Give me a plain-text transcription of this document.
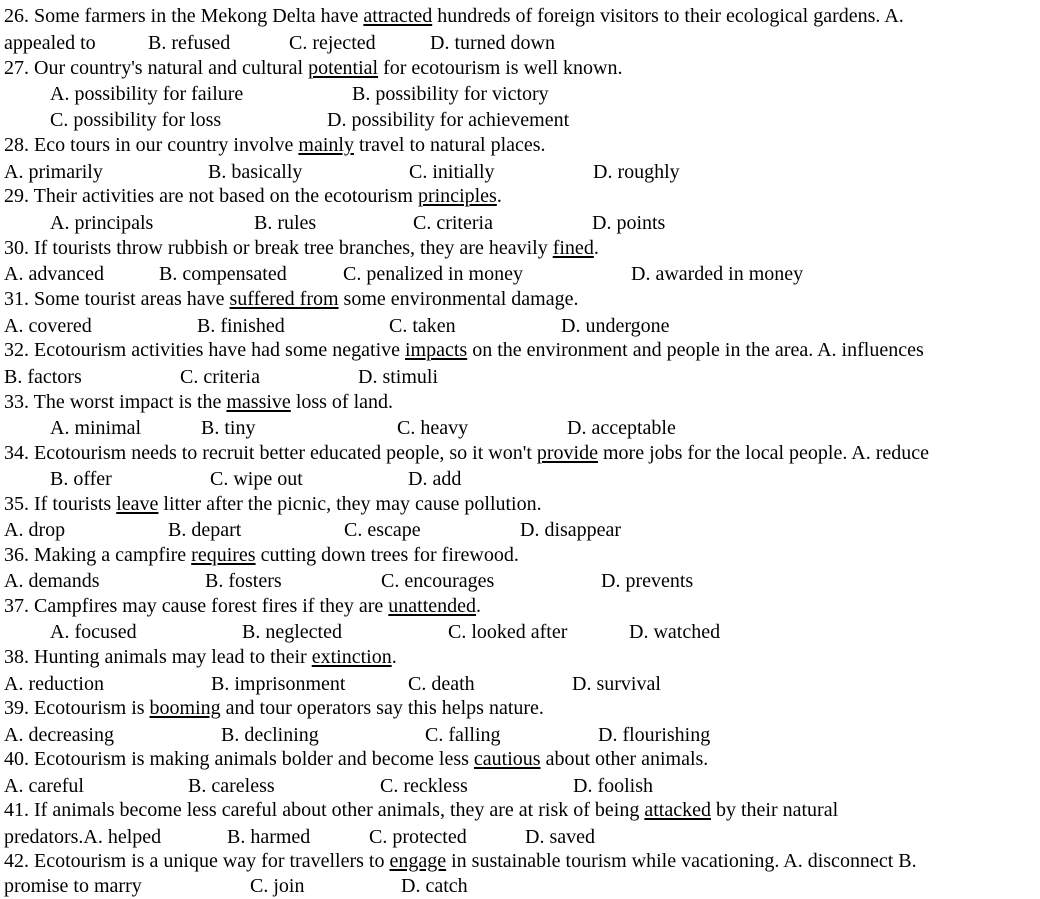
26. Some farmers in the Mekong Delta have attracted hundreds of foreign visitors to their ecological gardens. A.
appealed to	B. refused	C. rejected	D. turned down
27. Our country's natural and cultural potential for ecotourism is well known.
A. possibility for failure	B. possibility for victory
C. possibility for loss	D. possibility for achievement
28. Eco tours in our country involve mainly travel to natural places.
A. primarily	B. basically	C. initially	D. roughly
29. Their activities are not based on the ecotourism principles.
A. principals	B. rules	C. criteria	D. points
30. If tourists throw rubbish or break tree branches, they are heavily fined.
A. advanced	B. compensated	C. penalized in money	D. awarded in money
31. Some tourist areas have suffered from some environmental damage.
A. covered	B. finished	C. taken	D. undergone
32. Ecotourism activities have had some negative impacts on the environment and people in the area. A. influences
B. factors	C. criteria	D. stimuli
33. The worst impact is the massive loss of land.
A. minimal	B. tiny	C. heavy	D. acceptable
34. Ecotourism needs to recruit better educated people, so it won't provide more jobs for the local people. A. reduce
B. offer	C. wipe out	D. add
35. If tourists leave litter after the picnic, they may cause pollution.
A. drop	B. depart	C. escape	D. disappear
36. Making a campfire requires cutting down trees for firewood.
A. demands	B. fosters	C. encourages	D. prevents
37. Campfires may cause forest fires if they are unattended.
A. focused	B. neglected	C. looked after	D. watched
38. Hunting animals may lead to their extinction.
A. reduction	B. imprisonment	C. death	D. survival
39. Ecotourism is booming and tour operators say this helps nature.
A. decreasing	B. declining	C. falling	D. flourishing
40. Ecotourism is making animals bolder and become less cautious about other animals.
A. careful	B. careless	C. reckless	D. foolish
41. If animals become less careful about other animals, they are at risk of being attacked by their natural
predators.A. helped	B. harmed	C. protected	D. saved
42. Ecotourism is a unique way for travellers to engage in sustainable tourism while vacationing. A. disconnect B.
promise to marry	C. join	D. catch
